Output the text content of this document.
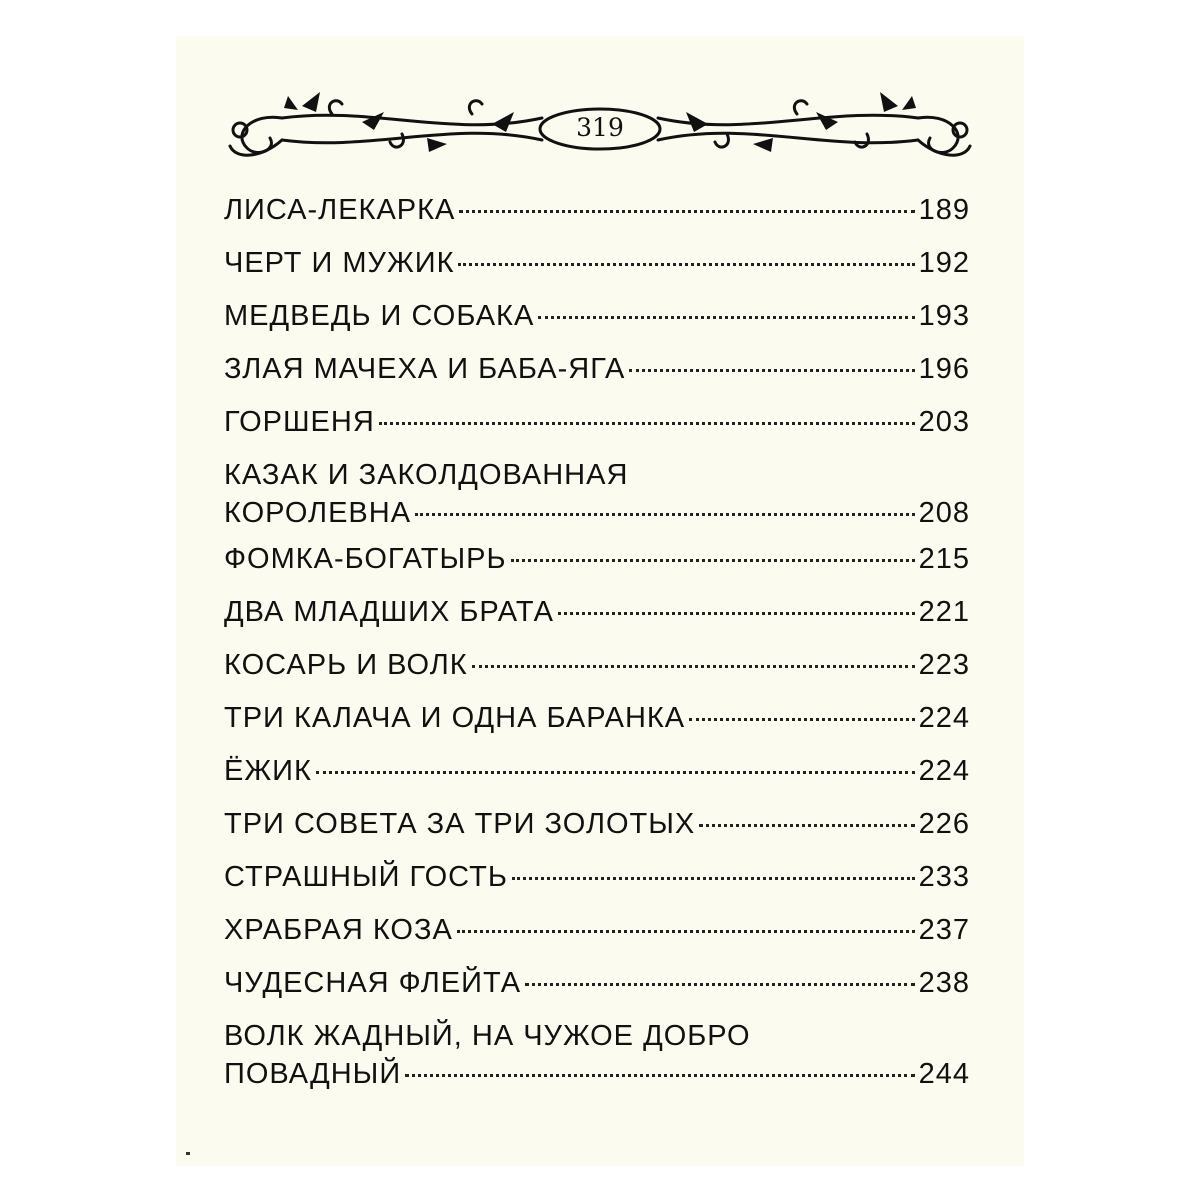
319
ЛИСА-ЛЕКАРКА	189
ЧЕРТ И МУЖИК	192
МЕДВЕДЬ И СОБАКА	193
ЗЛАЯ МАЧЕХА И БАБА-ЯГА	196
ГОРШЕНЯ	203
КАЗАК И ЗАКОЛДОВАННАЯ
КОРОЛЕВНА	208
ФОМКА-БОГАТЫРЬ	215
ДВА МЛАДШИХ БРАТА	221
КОСАРЬ И ВОЛК	223
ТРИ КАЛАЧА И ОДНА БАРАНКА	224
ЁЖИК	224
ТРИ СОВЕТА ЗА ТРИ ЗОЛОТЫХ	226
СТРАШНЫЙ ГОСТЬ	233
ХРАБРАЯ КОЗА	237
ЧУДЕСНАЯ ФЛЕЙТА	238
ВОЛК ЖАДНЫЙ, НА ЧУЖОЕ ДОБРО
ПОВАДНЫЙ	244
